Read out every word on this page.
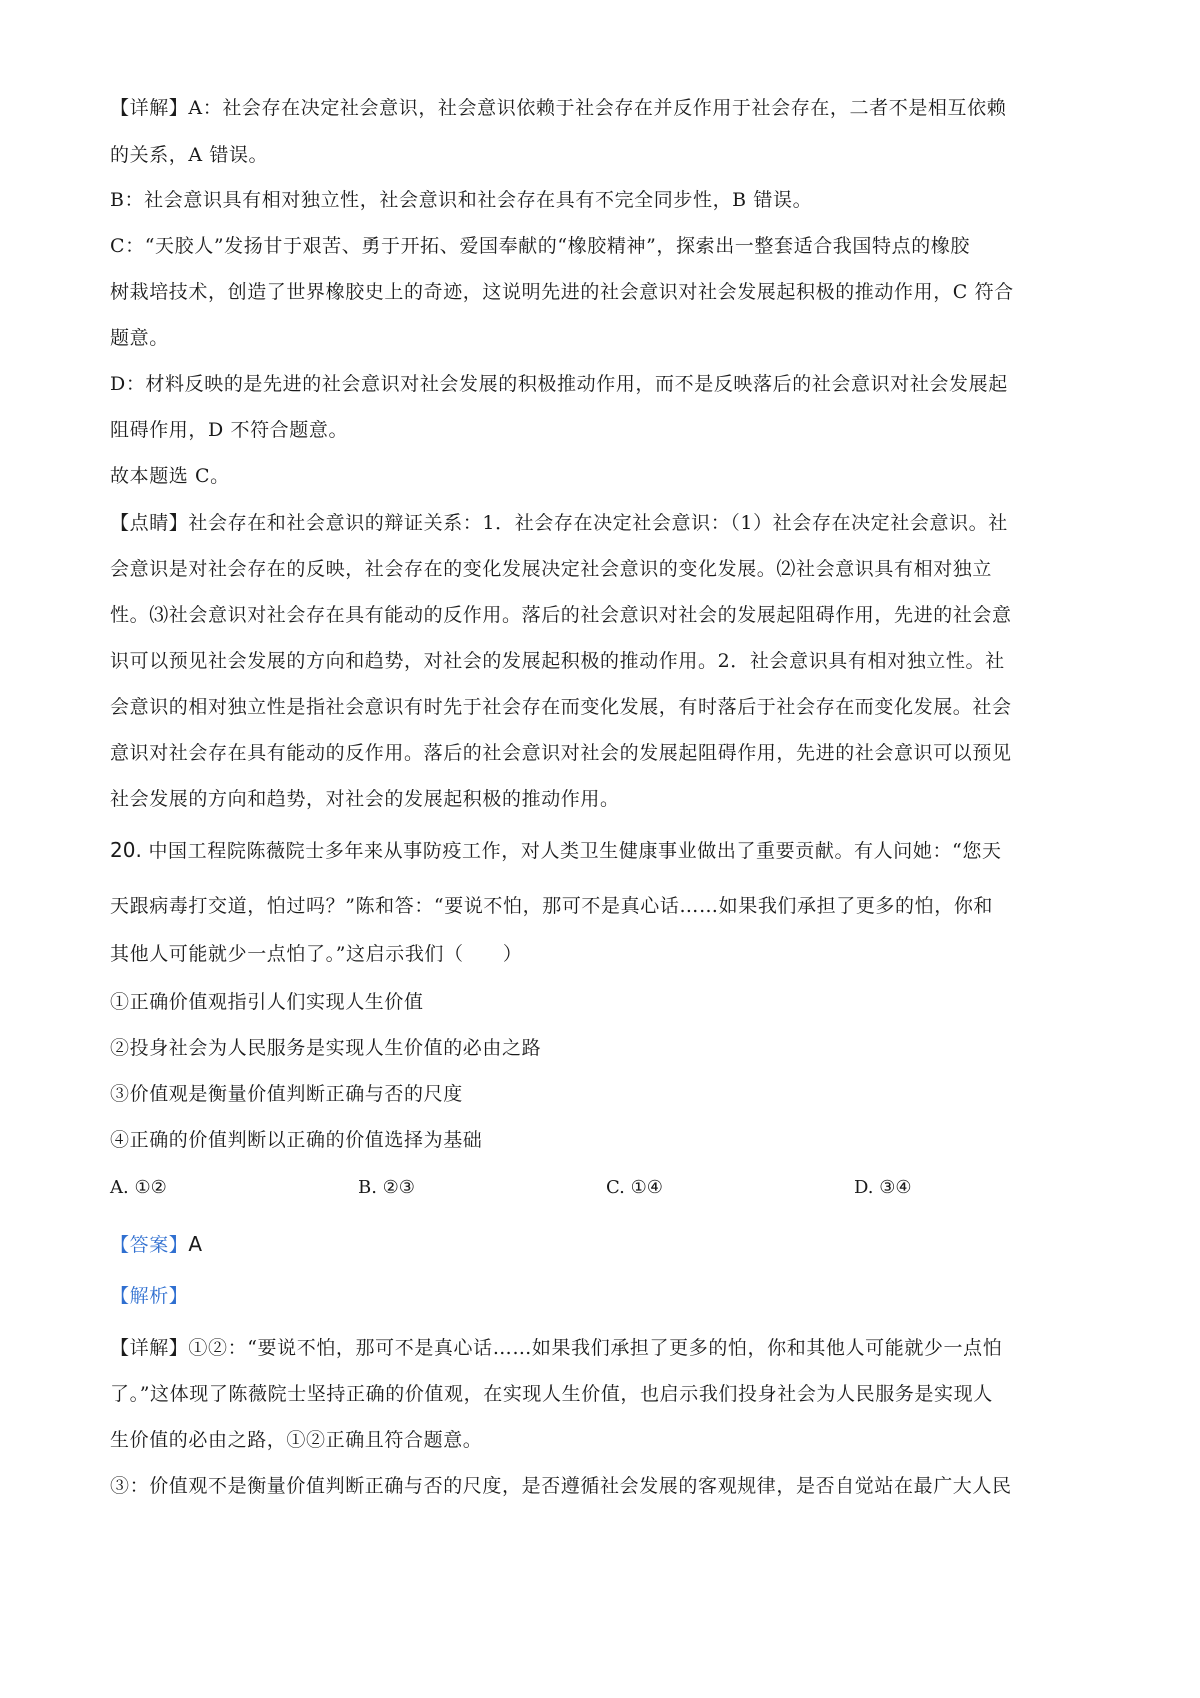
【详解】A：社会存在决定社会意识，社会意识依赖于社会存在并反作用于社会存在，二者不是相互依赖
的关系，A 错误。
B：社会意识具有相对独立性，社会意识和社会存在具有不完全同步性，B 错误。
C：“天胶人”发扬甘于艰苦、勇于开拓、爱国奉献的“橡胶精神”，探索出一整套适合我国特点的橡胶
树栽培技术，创造了世界橡胶史上的奇迹，这说明先进的社会意识对社会发展起积极的推动作用，C 符合
题意。
D：材料反映的是先进的社会意识对社会发展的积极推动作用，而不是反映落后的社会意识对社会发展起
阻碍作用，D 不符合题意。
故本题选 C。
【点睛】社会存在和社会意识的辩证关系：1．社会存在决定社会意识：（1）社会存在决定社会意识。社
会意识是对社会存在的反映，社会存在的变化发展决定社会意识的变化发展。⑵社会意识具有相对独立
性。⑶社会意识对社会存在具有能动的反作用。落后的社会意识对社会的发展起阻碍作用，先进的社会意
识可以预见社会发展的方向和趋势，对社会的发展起积极的推动作用。2．社会意识具有相对独立性。社
会意识的相对独立性是指社会意识有时先于社会存在而变化发展，有时落后于社会存在而变化发展。社会
意识对社会存在具有能动的反作用。落后的社会意识对社会的发展起阻碍作用，先进的社会意识可以预见
社会发展的方向和趋势，对社会的发展起积极的推动作用。
20. 中国工程院陈薇院士多年来从事防疫工作，对人类卫生健康事业做出了重要贡献。有人问她：“您天
天跟病毒打交道，怕过吗？”陈和答：“要说不怕，那可不是真心话……如果我们承担了更多的怕，你和
其他人可能就少一点怕了。”这启示我们（　　）
①正确价值观指引人们实现人生价值
②投身社会为人民服务是实现人生价值的必由之路
③价值观是衡量价值判断正确与否的尺度
④正确的价值判断以正确的价值选择为基础
A. ①②	B. ②③	C. ①④	D. ③④
【答案】A
【解析】
【详解】①②：“要说不怕，那可不是真心话……如果我们承担了更多的怕，你和其他人可能就少一点怕
了。”这体现了陈薇院士坚持正确的价值观，在实现人生价值，也启示我们投身社会为人民服务是实现人
生价值的必由之路，①②正确且符合题意。
③：价值观不是衡量价值判断正确与否的尺度，是否遵循社会发展的客观规律，是否自觉站在最广大人民
